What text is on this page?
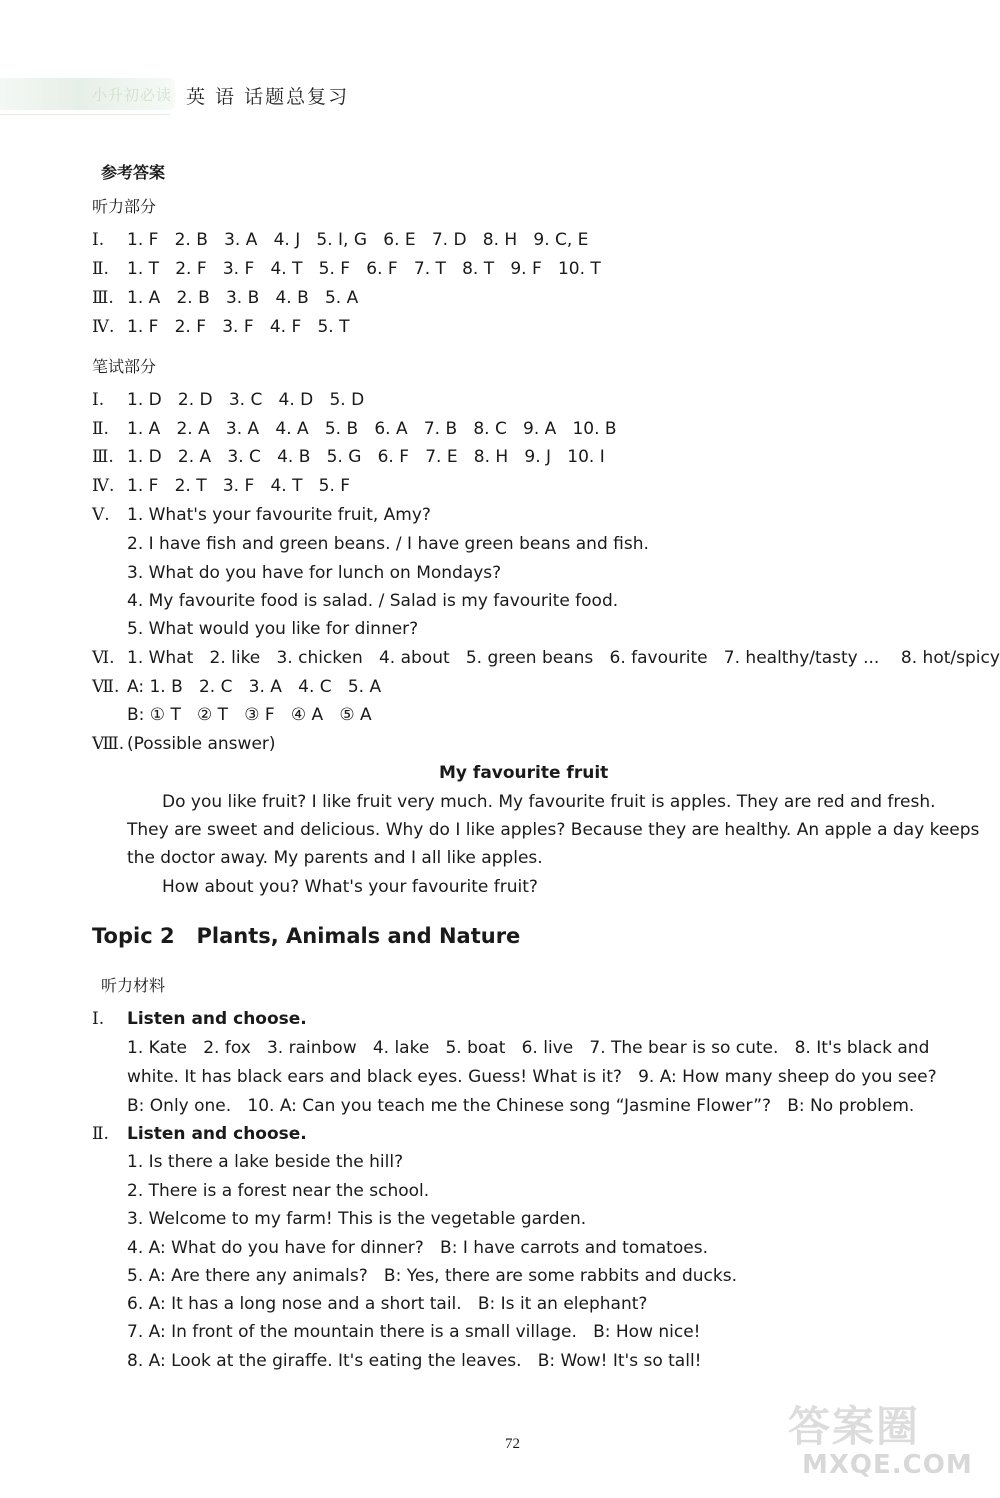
小升初必读 英 语 话题总复习
参考答案
听力部分
Ⅰ. 1. F   2. B   3. A   4. J   5. I, G   6. E   7. D   8. H   9. C, E
Ⅱ. 1. T   2. F   3. F   4. T   5. F   6. F   7. T   8. T   9. F   10. T
Ⅲ. 1. A   2. B   3. B   4. B   5. A
Ⅳ. 1. F   2. F   3. F   4. F   5. T
笔试部分
Ⅰ. 1. D   2. D   3. C   4. D   5. D
Ⅱ. 1. A   2. A   3. A   4. A   5. B   6. A   7. B   8. C   9. A   10. B
Ⅲ. 1. D   2. A   3. C   4. B   5. G   6. F   7. E   8. H   9. J   10. I
Ⅳ. 1. F   2. T   3. F   4. T   5. F
Ⅴ. 1. What's your favourite fruit, Amy?
2. I have fish and green beans. / I have green beans and fish.
3. What do you have for lunch on Mondays?
4. My favourite food is salad. / Salad is my favourite food.
5. What would you like for dinner?
Ⅵ. 1. What   2. like   3. chicken   4. about   5. green beans   6. favourite   7. healthy/tasty ...    8. hot/spicy
Ⅶ. A: 1. B   2. C   3. A   4. C   5. A
B: ① T   ② T   ③ F   ④ A   ⑤ A
Ⅷ. (Possible answer)
My favourite fruit
Do you like fruit? I like fruit very much. My favourite fruit is apples. They are red and fresh.
They are sweet and delicious. Why do I like apples? Because they are healthy. An apple a day keeps
the doctor away. My parents and I all like apples.
How about you? What's your favourite fruit?
Topic 2   Plants, Animals and Nature
听力材料
Ⅰ. Listen and choose.
1. Kate   2. fox   3. rainbow   4. lake   5. boat   6. live   7. The bear is so cute.   8. It's black and
white. It has black ears and black eyes. Guess! What is it?   9. A: How many sheep do you see?
B: Only one.   10. A: Can you teach me the Chinese song “Jasmine Flower”?   B: No problem.
Ⅱ. Listen and choose.
1. Is there a lake beside the hill?
2. There is a forest near the school.
3. Welcome to my farm! This is the vegetable garden.
4. A: What do you have for dinner?   B: I have carrots and tomatoes.
5. A: Are there any animals?   B: Yes, there are some rabbits and ducks.
6. A: It has a long nose and a short tail.   B: Is it an elephant?
7. A: In front of the mountain there is a small village.   B: How nice!
8. A: Look at the giraffe. It's eating the leaves.   B: Wow! It's so tall!
72	答案圈
MXQE.COM
